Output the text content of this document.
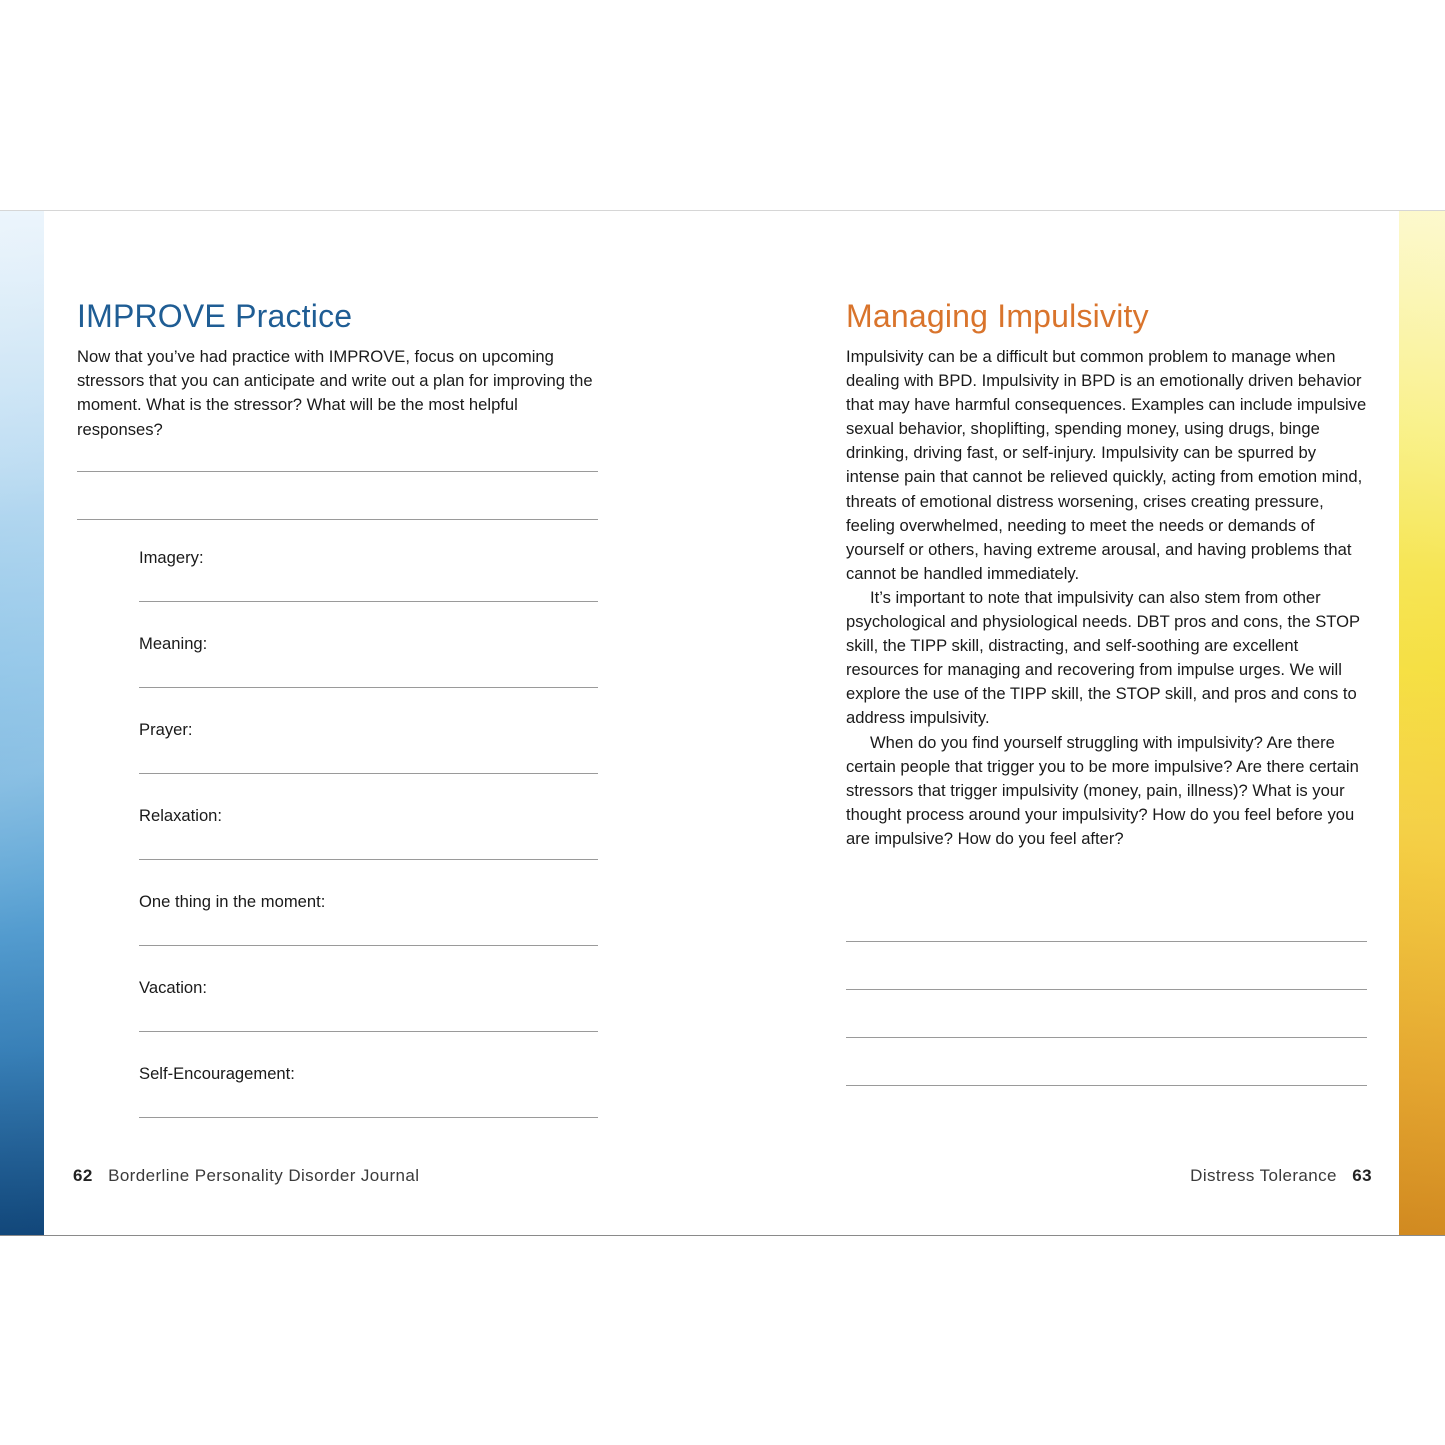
IMPROVE Practice

Now that you’ve had practice with IMPROVE, focus on upcoming stressors that you can anticipate and write out a plan for improving the moment. What is the stressor? What will be the most helpful responses?

Imagery:

Meaning:

Prayer:

Relaxation:

One thing in the moment:

Vacation:

Self-Encouragement:

62 Borderline Personality Disorder Journal
Managing Impulsivity

Impulsivity can be a difficult but common problem to manage when dealing with BPD. Impulsivity in BPD is an emotionally driven behavior that may have harmful consequences. Examples can include impulsive sexual behavior, shoplifting, spending money, using drugs, binge drinking, driving fast, or self-injury. Impulsivity can be spurred by intense pain that cannot be relieved quickly, acting from emotion mind, threats of emotional distress worsening, crises creating pressure, feeling overwhelmed, needing to meet the needs or demands of yourself or others, having extreme arousal, and having problems that cannot be handled immediately.

It’s important to note that impulsivity can also stem from other psychological and physiological needs. DBT pros and cons, the STOP skill, the TIPP skill, distracting, and self-soothing are excellent resources for managing and recovering from impulse urges. We will explore the use of the TIPP skill, the STOP skill, and pros and cons to address impulsivity.

When do you find yourself struggling with impulsivity? Are there certain people that trigger you to be more impulsive? Are there certain stressors that trigger impulsivity (money, pain, illness)? What is your thought process around your impulsivity? How do you feel before you are impulsive? How do you feel after?

Distress Tolerance 63
